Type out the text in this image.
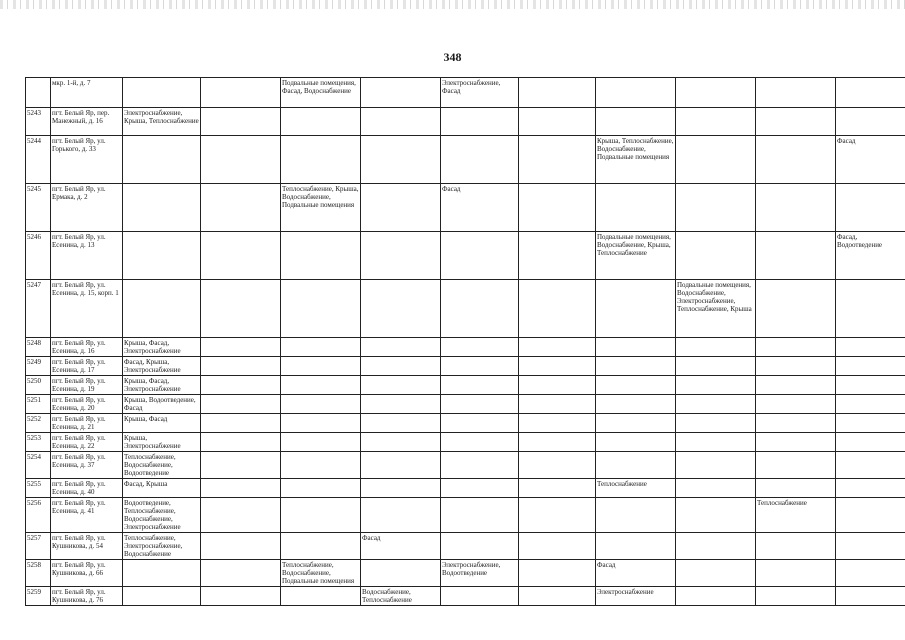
348
	мкр. 1-й, д. 7			Подвальные помещения, Фасад, Водоснабжение		Электроснабжение, Фасад					
5243	пгт. Белый Яр, пер. Манежный, д. 16	Электроснабжение, Крыша, Теплоснабжение									
5244	пгт. Белый Яр, ул. Горького, д. 33							Крыша, Теплоснабжение, Водоснабжение, Подвальные помещения			Фасад
5245	пгт. Белый Яр, ул. Ермака, д. 2			Теплоснабжение, Крыша, Водоснабжение, Подвальные помещения		Фасад					
5246	пгт. Белый Яр, ул. Есенина, д. 13							Подвальные помещения, Водоснабжение, Крыша, Теплоснабжение			Фасад, Водоотведение
5247	пгт. Белый Яр, ул. Есенина, д. 15, корп. 1								Подвальные помещения, Водоснабжение, Электроснабжение, Теплоснабжение, Крыша		
5248	пгт. Белый Яр, ул. Есенина, д. 16	Крыша, Фасад, Электроснабжение									
5249	пгт. Белый Яр, ул. Есенина, д. 17	Фасад, Крыша, Электроснабжение									
5250	пгт. Белый Яр, ул. Есенина, д. 19	Крыша, Фасад, Электроснабжение									
5251	пгт. Белый Яр, ул. Есенина, д. 20	Крыша, Водоотведение, Фасад									
5252	пгт. Белый Яр, ул. Есенина, д. 21	Крыша, Фасад									
5253	пгт. Белый Яр, ул. Есенина, д. 22	Крыша, Электроснабжение									
5254	пгт. Белый Яр, ул. Есенина, д. 37	Теплоснабжение, Водоснабжение, Водоотведение									
5255	пгт. Белый Яр, ул. Есенина, д. 40	Фасад, Крыша						Теплоснабжение			
5256	пгт. Белый Яр, ул. Есенина, д. 41	Водоотведение, Теплоснабжение, Водоснабжение, Электроснабжение								Теплоснабжение	
5257	пгт. Белый Яр, ул. Кушникова, д. 54	Теплоснабжение, Электроснабжение, Водоснабжение			Фасад						
5258	пгт. Белый Яр, ул. Кушникова, д. 66			Теплоснабжение, Водоснабжение, Подвальные помещения		Электроснабжение, Водоотведение		Фасад			
5259	пгт. Белый Яр, ул. Кушникова, д. 76				Водоснабжение, Теплоснабжение			Электроснабжение			
